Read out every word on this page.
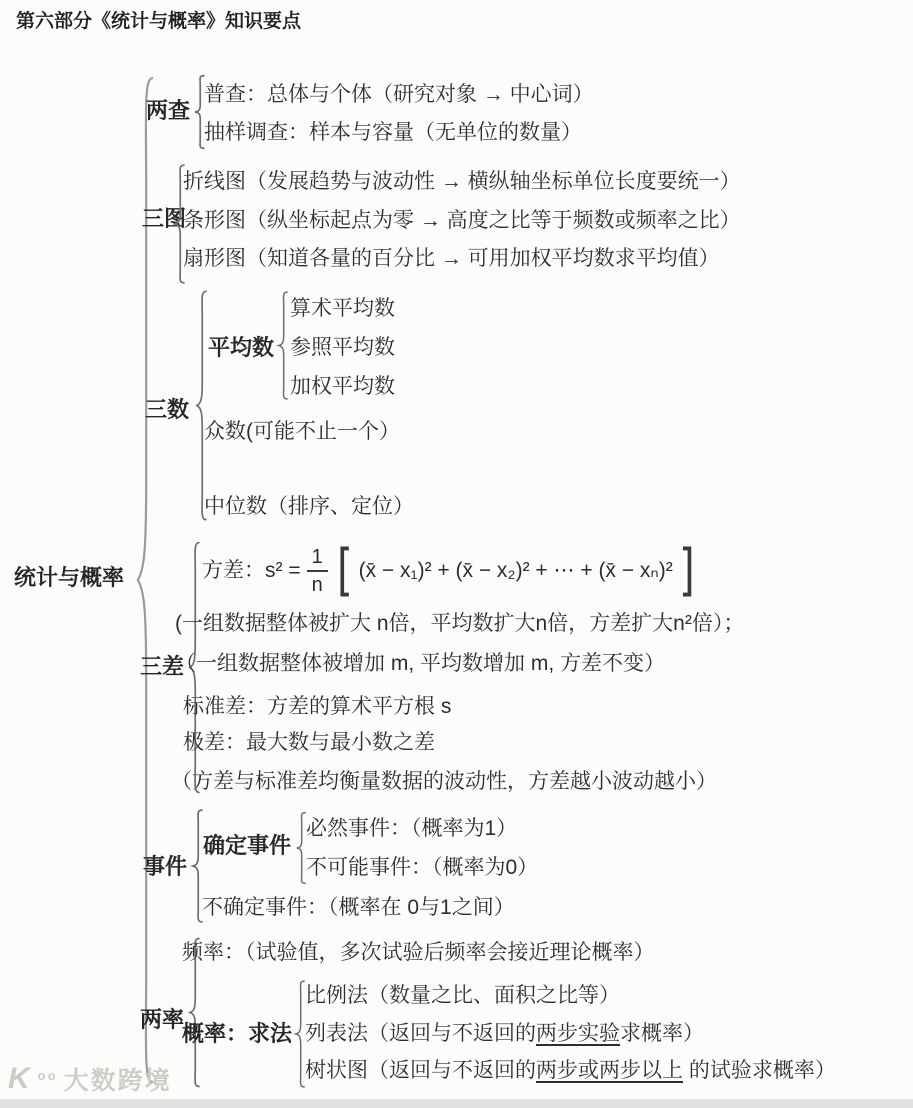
第六部分《统计与概率》知识要点
统计与概率
两查
普查：总体与个体（研究对象 → 中心词）
抽样调查：样本与容量（无单位的数量）
三图
折线图（发展趋势与波动性 → 横纵轴坐标单位长度要统一）
条形图（纵坐标起点为零 → 高度之比等于频数或频率之比）
扇形图（知道各量的百分比 → 可用加权平均数求平均值）
三数
平均数
算术平均数
参照平均数
加权平均数
众数(可能不止一个）
中位数（排序、定位）
三差
方差：$s^2 = \frac{1}{n}$ [ (x̄ − x₁)² + (x̄ − x₂)² + ⋯ + (x̄ − xₙ)² ]
(一组数据整体被扩大 n倍，平均数扩大n倍，方差扩大n²倍）；
（一组数据整体被增加 m, 平均数增加 m, 方差不变）
标准差：方差的算术平方根 s
极差：最大数与最小数之差
（方差与标准差均衡量数据的波动性，方差越小波动越小）
事件
确定事件
必然事件：（概率为1）
不可能事件：（概率为0）
不确定事件：（概率在 0与1之间）
两率
频率：（试验值，多次试验后频率会接近理论概率）
概率：求法
比例法（数量之比、面积之比等）
列表法（返回与不返回的两步实验求概率）
树状图（返回与不返回的两步或两步以上 的试验求概率）
K $^{oo}$ 大数跨境
